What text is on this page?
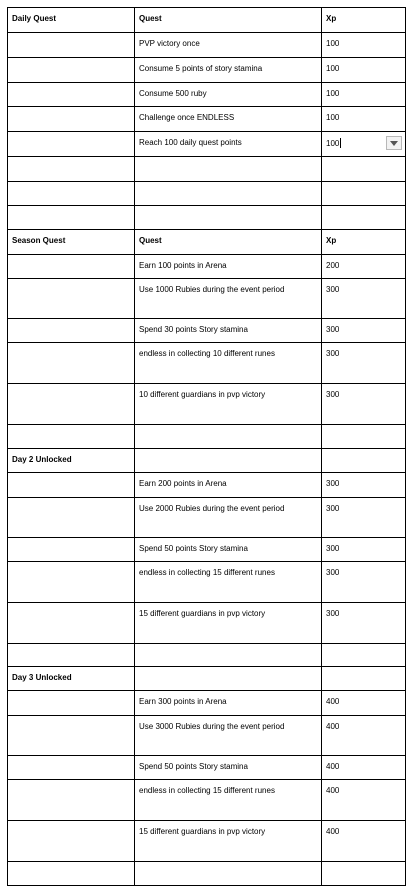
Daily Quest	Quest	Xp
	PVP victory once	100
	Consume 5 points of story stamina	100
	Consume 500 ruby	100
	Challenge once ENDLESS	100
	Reach 100 daily quest points	100

Season Quest	Quest	Xp
	Earn 100 points in Arena	200
	Use 1000 Rubies during the event period	300
	Spend 30 points Story stamina	300
	endless in collecting 10 different runes	300
	10 different guardians in pvp victory	300

Day 2 Unlocked		
	Earn 200 points in Arena	300
	Use 2000 Rubies during the event period	300
	Spend 50 points Story stamina	300
	endless in collecting 15 different runes	300
	15 different guardians in pvp victory	300

Day 3 Unlocked		
	Earn 300 points in Arena	400
	Use 3000 Rubies during the event period	400
	Spend 50 points Story stamina	400
	endless in collecting 15 different runes	400
	15 different guardians in pvp victory	400
